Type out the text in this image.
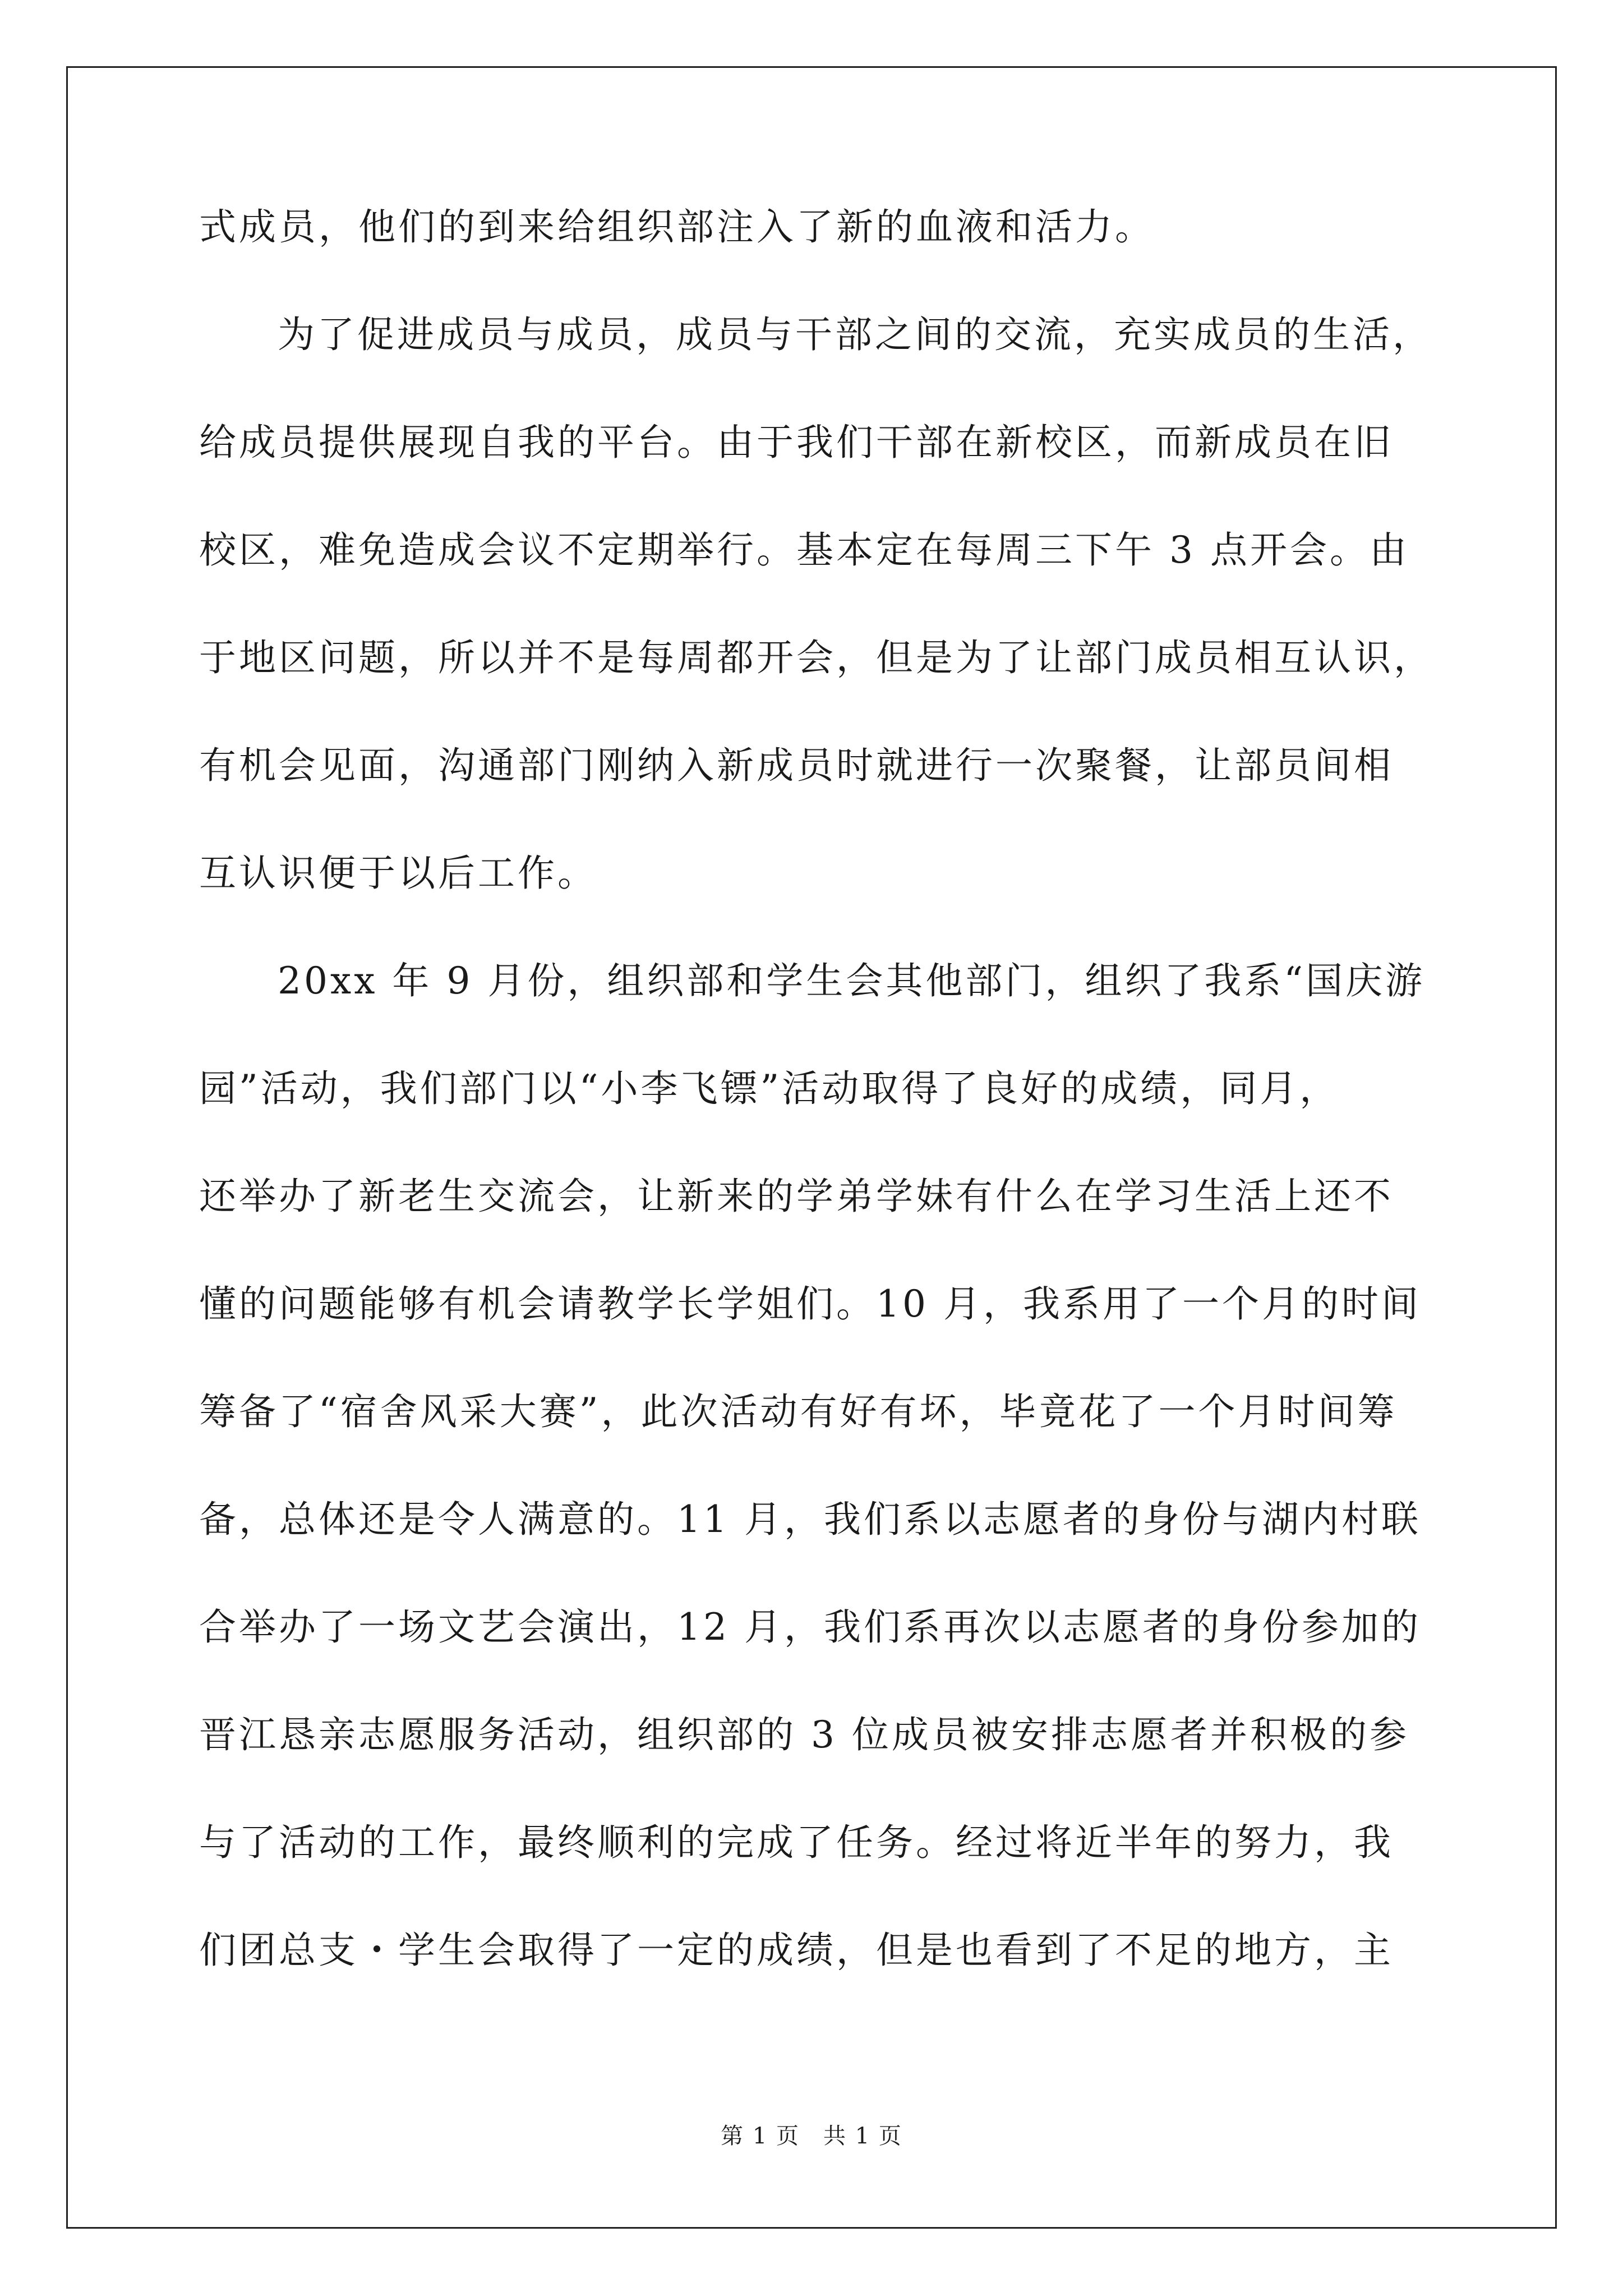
式成员，他们的到来给组织部注入了新的血液和活力。
为了促进成员与成员，成员与干部之间的交流，充实成员的生活，
给成员提供展现自我的平台。由于我们干部在新校区，而新成员在旧
校区，难免造成会议不定期举行。基本定在每周三下午 3 点开会。由
于地区问题，所以并不是每周都开会，但是为了让部门成员相互认识，
有机会见面，沟通部门刚纳入新成员时就进行一次聚餐，让部员间相
互认识便于以后工作。
20xx 年 9 月份，组织部和学生会其他部门，组织了我系“国庆游
园”活动，我们部门以“小李飞镖”活动取得了良好的成绩，同月，
还举办了新老生交流会，让新来的学弟学妹有什么在学习生活上还不
懂的问题能够有机会请教学长学姐们。10 月，我系用了一个月的时间
筹备了“宿舍风采大赛”，此次活动有好有坏，毕竟花了一个月时间筹
备，总体还是令人满意的。11 月，我们系以志愿者的身份与湖内村联
合举办了一场文艺会演出，12 月，我们系再次以志愿者的身份参加的
晋江恳亲志愿服务活动，组织部的 3 位成员被安排志愿者并积极的参
与了活动的工作，最终顺利的完成了任务。经过将近半年的努力，我
们团总支・学生会取得了一定的成绩，但是也看到了不足的地方，主
第 1 页　共 1 页
